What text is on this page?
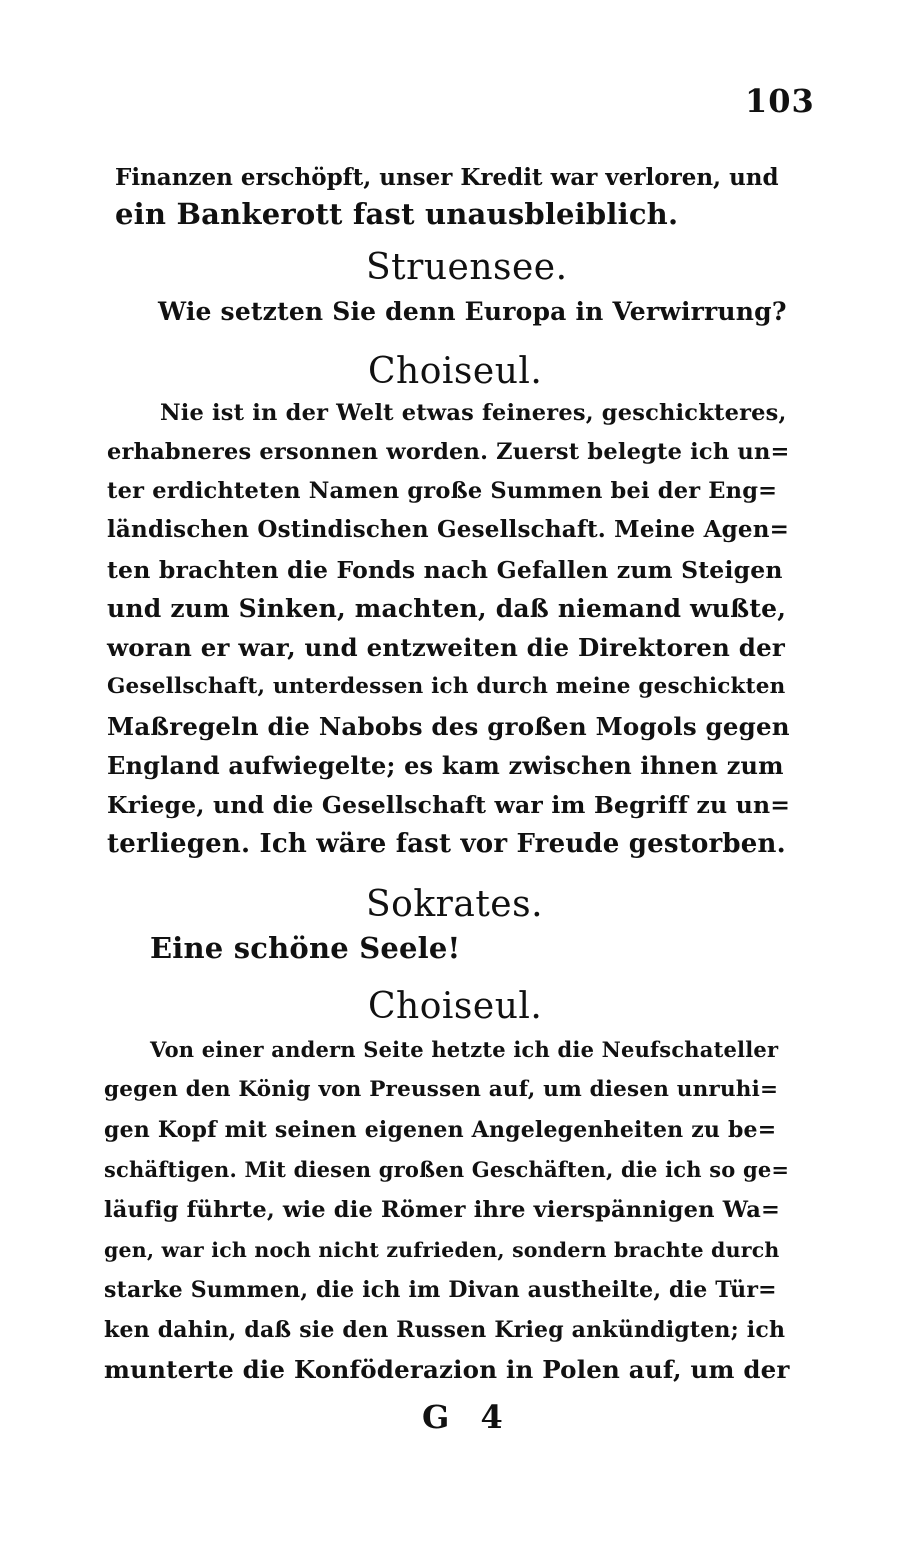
103
Finanzen erschöpft, unser Kredit war verloren, und
ein Bankerott fast unausbleiblich.
Struensee.
Wie setzten Sie denn Europa in Verwirrung?
Choiseul.
Nie ist in der Welt etwas feineres, geschickteres,
erhabneres ersonnen worden. Zuerst belegte ich un=
ter erdichteten Namen große Summen bei der Eng=
ländischen Ostindischen Gesellschaft. Meine Agen=
ten brachten die Fonds nach Gefallen zum Steigen
und zum Sinken, machten, daß niemand wußte,
woran er war, und entzweiten die Direktoren der
Gesellschaft, unterdessen ich durch meine geschickten
Maßregeln die Nabobs des großen Mogols gegen
England aufwiegelte; es kam zwischen ihnen zum
Kriege, und die Gesellschaft war im Begriff zu un=
terliegen. Ich wäre fast vor Freude gestorben.
Sokrates.
Eine schöne Seele!
Choiseul.
Von einer andern Seite hetzte ich die Neufschateller
gegen den König von Preussen auf, um diesen unruhi=
gen Kopf mit seinen eigenen Angelegenheiten zu be=
schäftigen. Mit diesen großen Geschäften, die ich so ge=
läufig führte, wie die Römer ihre vierspännigen Wa=
gen, war ich noch nicht zufrieden, sondern brachte durch
starke Summen, die ich im Divan austheilte, die Tür=
ken dahin, daß sie den Russen Krieg ankündigten; ich
munterte die Konföderazion in Polen auf, um der
G 4
